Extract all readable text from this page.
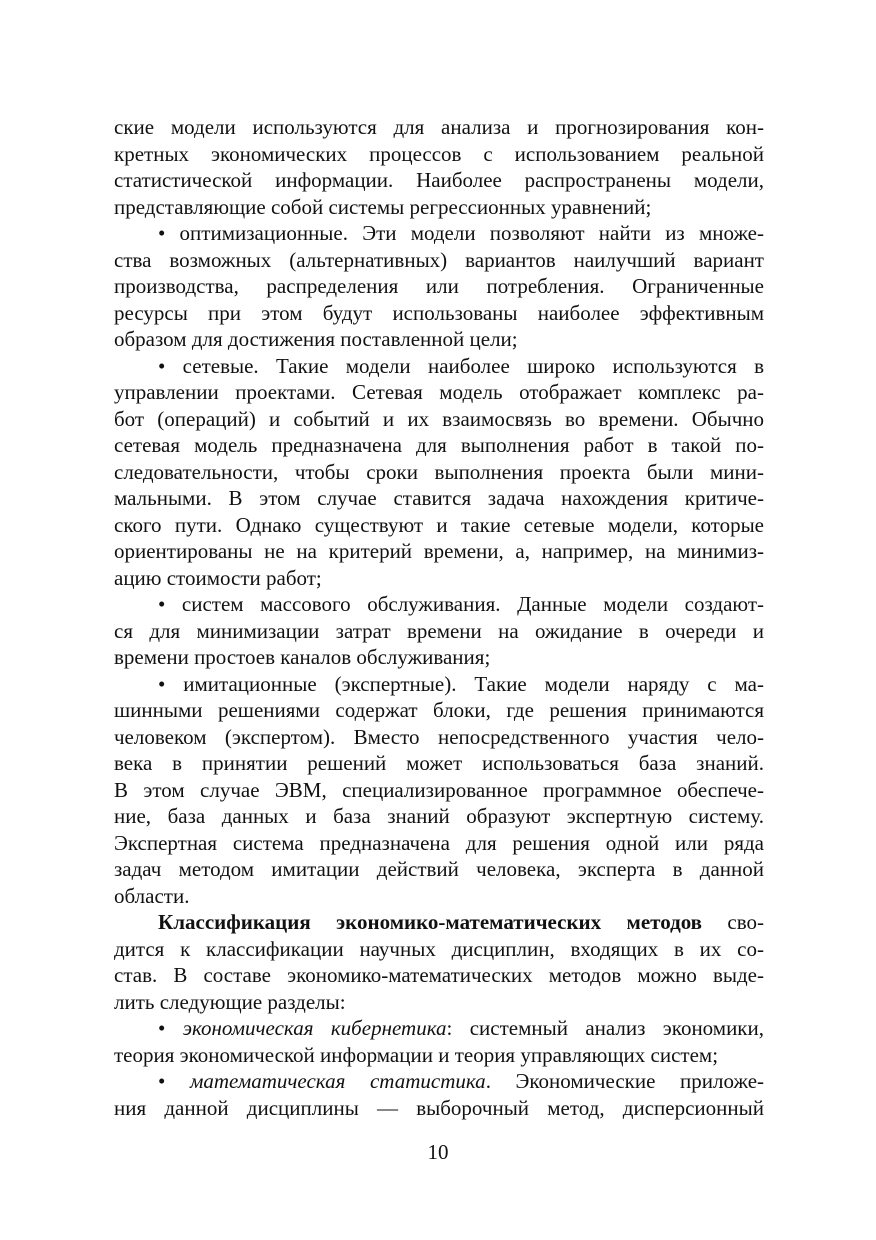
ские модели используются для анализа и прогнозирования кон-
кретных экономических процессов с использованием реальной
статистической информации. Наиболее распространены модели,
представляющие собой системы регрессионных уравнений;
• оптимизационные. Эти модели позволяют найти из множе-
ства возможных (альтернативных) вариантов наилучший вариант
производства, распределения или потребления. Ограниченные
ресурсы при этом будут использованы наиболее эффективным
образом для достижения поставленной цели;
• сетевые. Такие модели наиболее широко используются в
управлении проектами. Сетевая модель отображает комплекс ра-
бот (операций) и событий и их взаимосвязь во времени. Обычно
сетевая модель предназначена для выполнения работ в такой по-
следовательности, чтобы сроки выполнения проекта были мини-
мальными. В этом случае ставится задача нахождения критиче-
ского пути. Однако существуют и такие сетевые модели, которые
ориентированы не на критерий времени, а, например, на минимиз-
ацию стоимости работ;
• систем массового обслуживания. Данные модели создают-
ся для минимизации затрат времени на ожидание в очереди и
времени простоев каналов обслуживания;
• имитационные (экспертные). Такие модели наряду с ма-
шинными решениями содержат блоки, где решения принимаются
человеком (экспертом). Вместо непосредственного участия чело-
века в принятии решений может использоваться база знаний.
В этом случае ЭВМ, специализированное программное обеспече-
ние, база данных и база знаний образуют экспертную систему.
Экспертная система предназначена для решения одной или ряда
задач методом имитации действий человека, эксперта в данной
области.
Классификация экономико-математических методов сво-
дится к классификации научных дисциплин, входящих в их со-
став. В составе экономико-математических методов можно выде-
лить следующие разделы:
• экономическая кибернетика: системный анализ экономики,
теория экономической информации и теория управляющих систем;
• математическая статистика. Экономические приложе-
ния данной дисциплины — выборочный метод, дисперсионный
10
